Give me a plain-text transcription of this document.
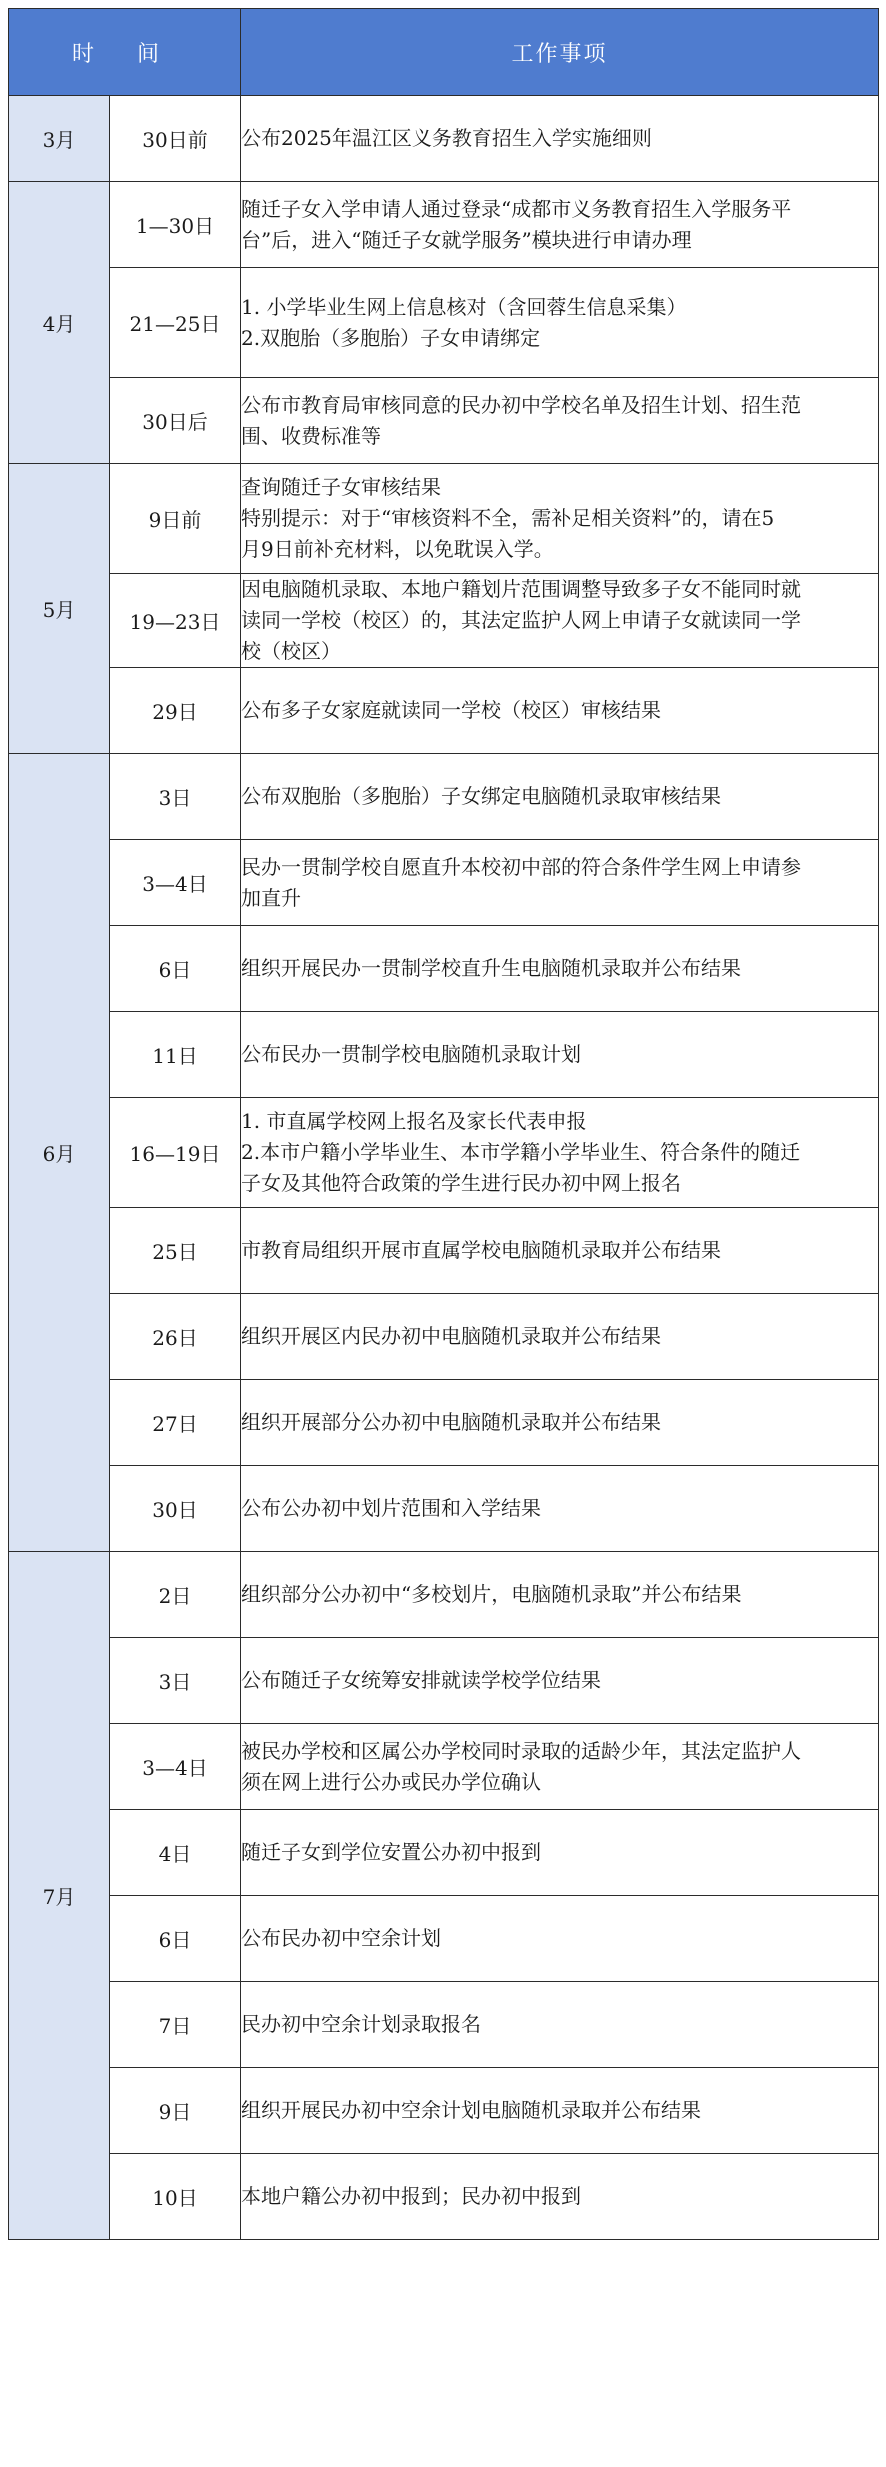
时 间		工作事项
3月	30日前	公布2025年温江区义务教育招生入学实施细则

4月	1—30日	随迁子女入学申请人通过登录“成都市义务教育招生入学服务平
台”后，进入“随迁子女就学服务”模块进行申请办理

	21—25日	1. 小学毕业生网上信息核对（含回蓉生信息采集）
2.双胞胎（多胞胎）子女申请绑定

	30日后	公布市教育局审核同意的民办初中学校名单及招生计划、招生范
围、收费标准等

5月	9日前	查询随迁子女审核结果
特别提示：对于“审核资料不全，需补足相关资料”的，请在5
月9日前补充材料，以免耽误入学。

	19—23日	因电脑随机录取、本地户籍划片范围调整导致多子女不能同时就
读同一学校（校区）的，其法定监护人网上申请子女就读同一学
校（校区）

	29日	公布多子女家庭就读同一学校（校区）审核结果

6月	3日	公布双胞胎（多胞胎）子女绑定电脑随机录取审核结果

	3—4日	民办一贯制学校自愿直升本校初中部的符合条件学生网上申请参
加直升

	6日	组织开展民办一贯制学校直升生电脑随机录取并公布结果

	11日	公布民办一贯制学校电脑随机录取计划

	16—19日	1. 市直属学校网上报名及家长代表申报
2.本市户籍小学毕业生、本市学籍小学毕业生、符合条件的随迁
子女及其他符合政策的学生进行民办初中网上报名

	25日	市教育局组织开展市直属学校电脑随机录取并公布结果

	26日	组织开展区内民办初中电脑随机录取并公布结果

	27日	组织开展部分公办初中电脑随机录取并公布结果

	30日	公布公办初中划片范围和入学结果

7月	2日	组织部分公办初中“多校划片，电脑随机录取”并公布结果

	3日	公布随迁子女统筹安排就读学校学位结果

	3—4日	被民办学校和区属公办学校同时录取的适龄少年，其法定监护人
须在网上进行公办或民办学位确认

	4日	随迁子女到学位安置公办初中报到

	6日	公布民办初中空余计划

	7日	民办初中空余计划录取报名

	9日	组织开展民办初中空余计划电脑随机录取并公布结果

	10日	本地户籍公办初中报到；民办初中报到
